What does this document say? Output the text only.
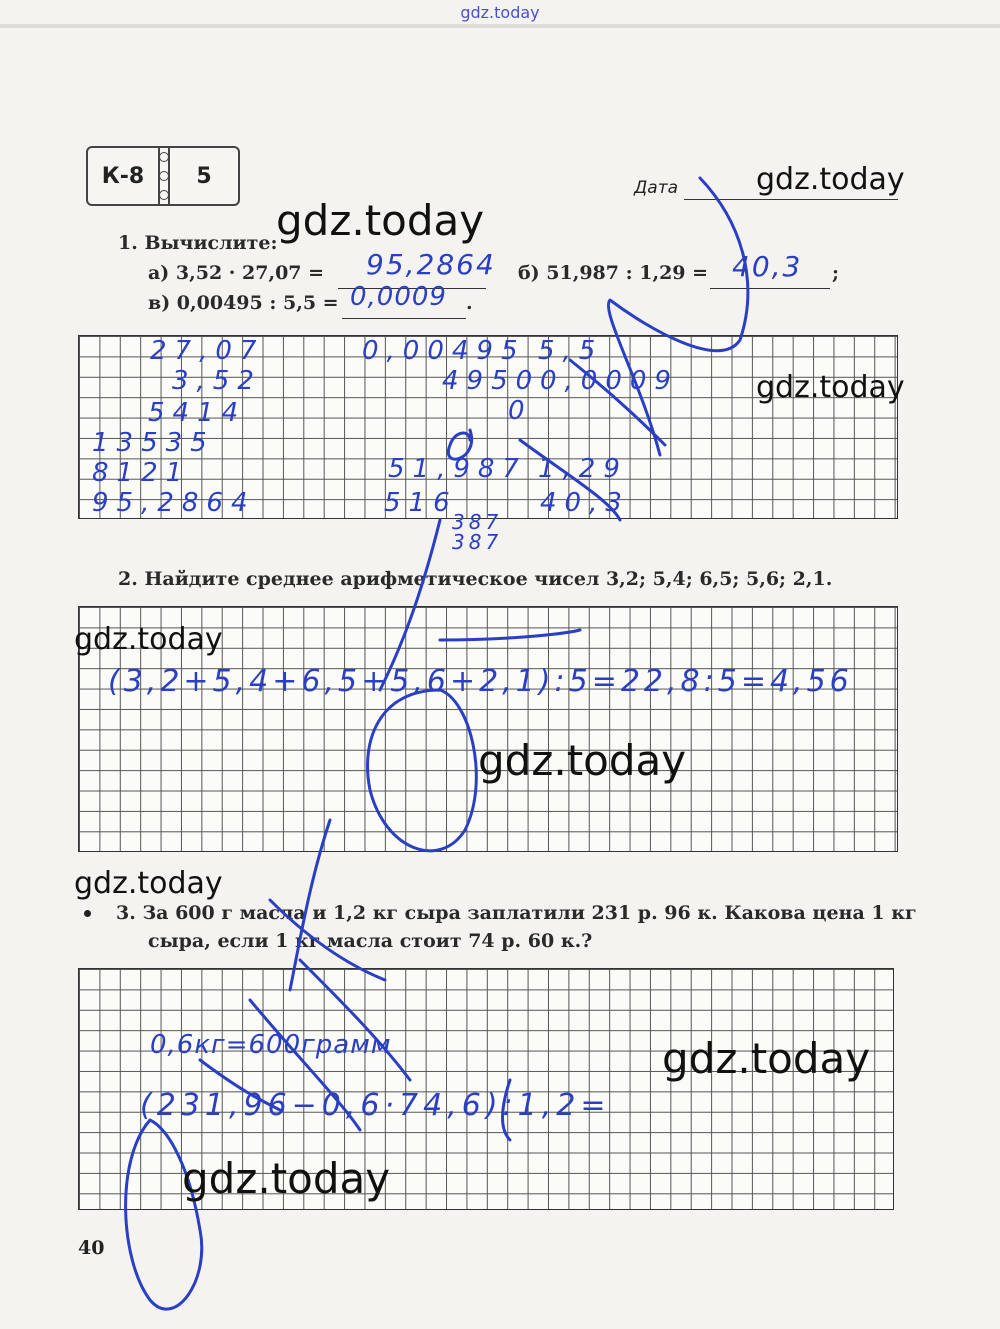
gdz.today
К-8	5	Дата
1. Вычислите:
а) 3,52 · 27,07 =	б) 51,987 : 1,29 =	;
в) 0,00495 : 5,5 =	.
95,2864	40,3
0,0009
27,07
3,52
5414
13535
8121
95,2864
0,00495 5,5
4950 0,0009
0
51,987 1,29
516	40,3
387
387
2. Найдите среднее арифметическое чисел 3,2; 5,4; 6,5; 5,6; 2,1.
(3,2+5,4+6,5+5,6+2,1):5=22,8:5=4,56
3. За 600 г масла и 1,2 кг сыра заплатили 231 р. 96 к. Какова цена 1 кг
сыра, если 1 кг масла стоит 74 р. 60 к.?
0,6кг=600грамм
(231,96−0,6·74,6):1,2=
gdz.today
gdz.today
gdz.today
gdz.today
gdz.today
gdz.today
gdz.today
gdz.today
40
